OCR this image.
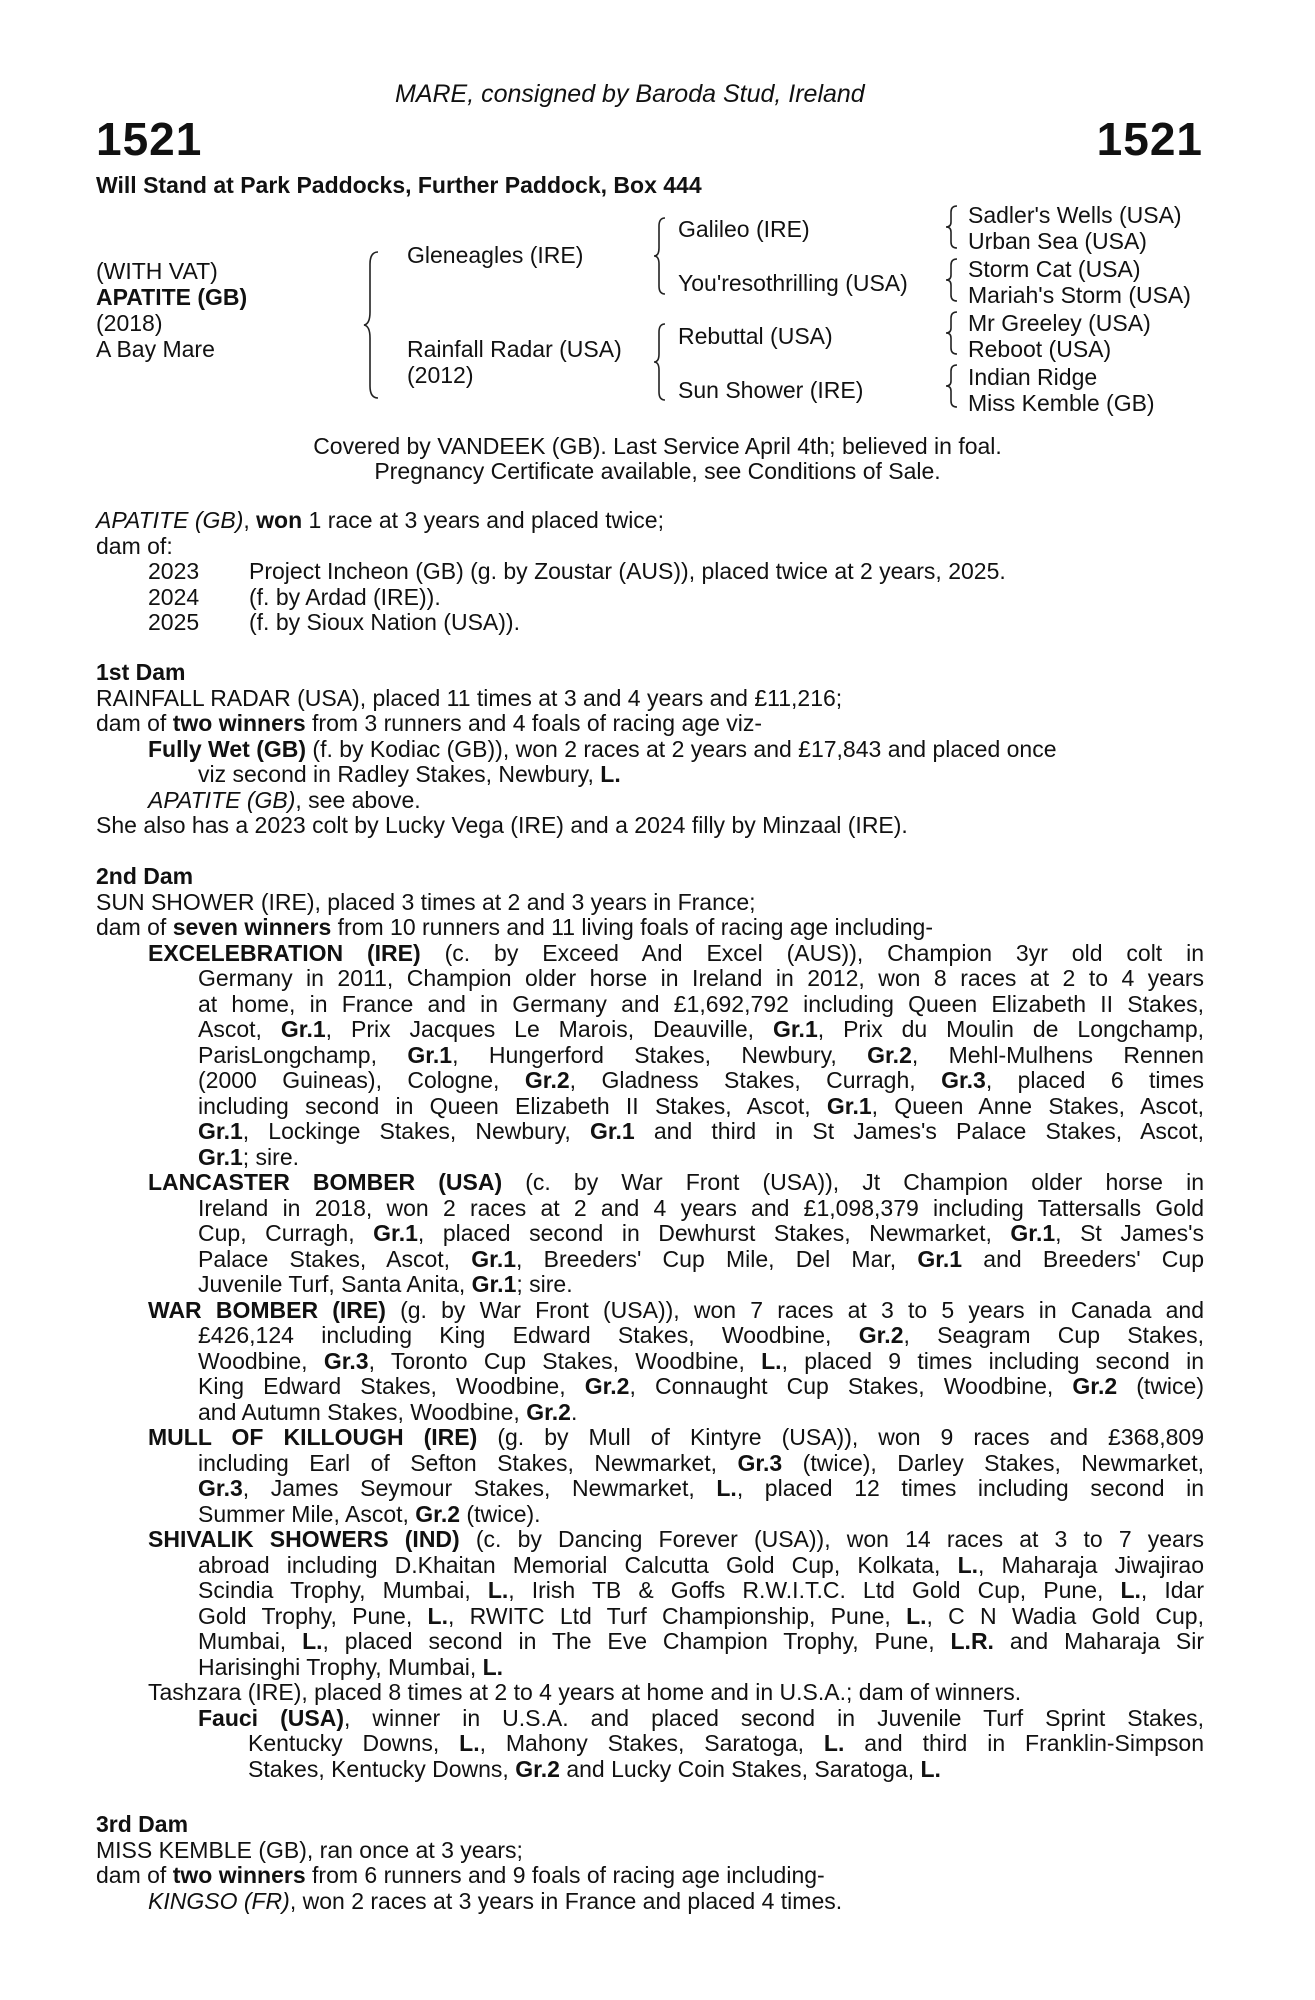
1521
MARE, consigned by Baroda Stud, Ireland
1521
Will Stand at Park Paddocks, Further Paddock, Box 444
(WITH VAT)
APATITE (GB)
(2018)
A Bay Mare
Gleneagles (IRE)
Rainfall Radar (USA)
(2012)
Galileo (IRE)
You'resothrilling (USA)
Rebuttal (USA)
Sun Shower (IRE)
Sadler's Wells (USA)
Urban Sea (USA)
Storm Cat (USA)
Mariah's Storm (USA)
Mr Greeley (USA)
Reboot (USA)
Indian Ridge
Miss Kemble (GB)
Covered by VANDEEK (GB). Last Service April 4th; believed in foal.
Pregnancy Certificate available, see Conditions of Sale.
APATITE (GB), won 1 race at 3 years and placed twice;
dam of:
2023 Project Incheon (GB) (g. by Zoustar (AUS)), placed twice at 2 years, 2025.
2024 (f. by Ardad (IRE)).
2025 (f. by Sioux Nation (USA)).
1st Dam
RAINFALL RADAR (USA), placed 11 times at 3 and 4 years and £11,216;
dam of two winners from 3 runners and 4 foals of racing age viz-
Fully Wet (GB) (f. by Kodiac (GB)), won 2 races at 2 years and £17,843 and placed once
viz second in Radley Stakes, Newbury, L.
APATITE (GB), see above.
She also has a 2023 colt by Lucky Vega (IRE) and a 2024 filly by Minzaal (IRE).
2nd Dam
SUN SHOWER (IRE), placed 3 times at 2 and 3 years in France;
dam of seven winners from 10 runners and 11 living foals of racing age including-
EXCELEBRATION (IRE) (c. by Exceed And Excel (AUS)), Champion 3yr old colt in
Germany in 2011, Champion older horse in Ireland in 2012, won 8 races at 2 to 4 years
at home, in France and in Germany and £1,692,792 including Queen Elizabeth II Stakes,
Ascot, Gr.1, Prix Jacques Le Marois, Deauville, Gr.1, Prix du Moulin de Longchamp,
ParisLongchamp, Gr.1, Hungerford Stakes, Newbury, Gr.2, Mehl-Mulhens Rennen
(2000 Guineas), Cologne, Gr.2, Gladness Stakes, Curragh, Gr.3, placed 6 times
including second in Queen Elizabeth II Stakes, Ascot, Gr.1, Queen Anne Stakes, Ascot,
Gr.1, Lockinge Stakes, Newbury, Gr.1 and third in St James's Palace Stakes, Ascot,
Gr.1; sire.
LANCASTER BOMBER (USA) (c. by War Front (USA)), Jt Champion older horse in
Ireland in 2018, won 2 races at 2 and 4 years and £1,098,379 including Tattersalls Gold
Cup, Curragh, Gr.1, placed second in Dewhurst Stakes, Newmarket, Gr.1, St James's
Palace Stakes, Ascot, Gr.1, Breeders' Cup Mile, Del Mar, Gr.1 and Breeders' Cup
Juvenile Turf, Santa Anita, Gr.1; sire.
WAR BOMBER (IRE) (g. by War Front (USA)), won 7 races at 3 to 5 years in Canada and
£426,124 including King Edward Stakes, Woodbine, Gr.2, Seagram Cup Stakes,
Woodbine, Gr.3, Toronto Cup Stakes, Woodbine, L., placed 9 times including second in
King Edward Stakes, Woodbine, Gr.2, Connaught Cup Stakes, Woodbine, Gr.2 (twice)
and Autumn Stakes, Woodbine, Gr.2.
MULL OF KILLOUGH (IRE) (g. by Mull of Kintyre (USA)), won 9 races and £368,809
including Earl of Sefton Stakes, Newmarket, Gr.3 (twice), Darley Stakes, Newmarket,
Gr.3, James Seymour Stakes, Newmarket, L., placed 12 times including second in
Summer Mile, Ascot, Gr.2 (twice).
SHIVALIK SHOWERS (IND) (c. by Dancing Forever (USA)), won 14 races at 3 to 7 years
abroad including D.Khaitan Memorial Calcutta Gold Cup, Kolkata, L., Maharaja Jiwajirao
Scindia Trophy, Mumbai, L., Irish TB & Goffs R.W.I.T.C. Ltd Gold Cup, Pune, L., Idar
Gold Trophy, Pune, L., RWITC Ltd Turf Championship, Pune, L., C N Wadia Gold Cup,
Mumbai, L., placed second in The Eve Champion Trophy, Pune, L.R. and Maharaja Sir
Harisinghi Trophy, Mumbai, L.
Tashzara (IRE), placed 8 times at 2 to 4 years at home and in U.S.A.; dam of winners.
Fauci (USA), winner in U.S.A. and placed second in Juvenile Turf Sprint Stakes,
Kentucky Downs, L., Mahony Stakes, Saratoga, L. and third in Franklin-Simpson
Stakes, Kentucky Downs, Gr.2 and Lucky Coin Stakes, Saratoga, L.
3rd Dam
MISS KEMBLE (GB), ran once at 3 years;
dam of two winners from 6 runners and 9 foals of racing age including-
KINGSO (FR), won 2 races at 3 years in France and placed 4 times.
